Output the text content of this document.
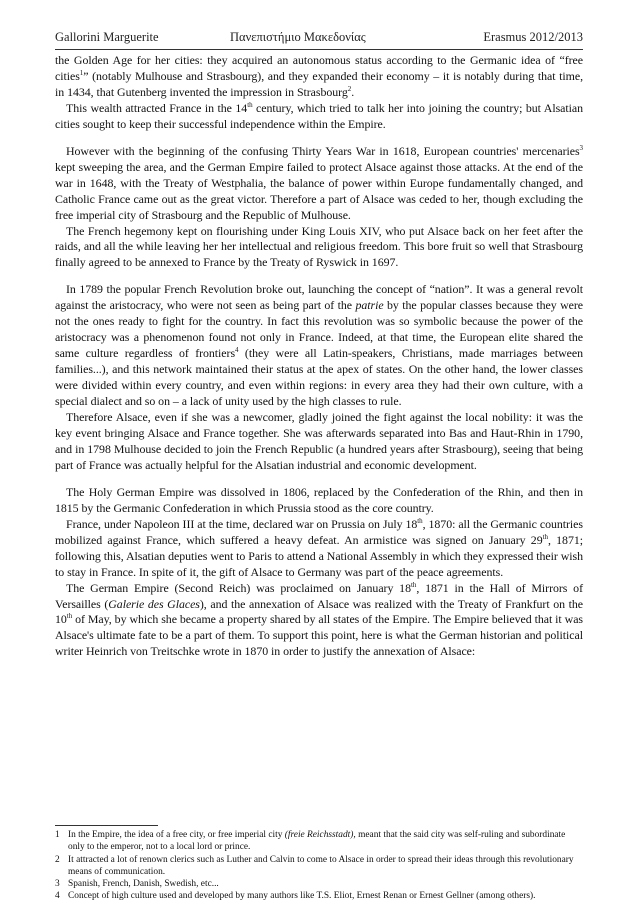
Gallorini Marguerite	Πανεπιστήμιο Μακεδονίας	Erasmus 2012/2013

the Golden Age for her cities: they acquired an autonomous status according to the Germanic idea of “free cities$^1$” (notably Mulhouse and Strasbourg), and they expanded their economy – it is notably during that time, in 1434, that Gutenberg invented the impression in Strasbourg$^2$.

This wealth attracted France in the 14th century, which tried to talk her into joining the country; but Alsatian cities sought to keep their successful independence within the Empire.

However with the beginning of the confusing Thirty Years War in 1618, European countries' mercenaries$^3$ kept sweeping the area, and the German Empire failed to protect Alsace against those attacks. At the end of the war in 1648, with the Treaty of Westphalia, the balance of power within Europe fundamentally changed, and Catholic France came out as the great victor. Therefore a part of Alsace was ceded to her, though excluding the free imperial city of Strasbourg and the Republic of Mulhouse.

The French hegemony kept on flourishing under King Louis XIV, who put Alsace back on her feet after the raids, and all the while leaving her her intellectual and religious freedom. This bore fruit so well that Strasbourg finally agreed to be annexed to France by the Treaty of Ryswick in 1697.

In 1789 the popular French Revolution broke out, launching the concept of “nation”. It was a general revolt against the aristocracy, who were not seen as being part of the patrie by the popular classes because they were not the ones ready to fight for the country. In fact this revolution was so symbolic because the power of the aristocracy was a phenomenon found not only in France. Indeed, at that time, the European elite shared the same culture regardless of frontiers$^4$ (they were all Latin-speakers, Christians, made marriages between families...), and this network maintained their status at the apex of states. On the other hand, the lower classes were divided within every country, and even within regions: in every area they had their own culture, with a special dialect and so on – a lack of unity used by the high classes to rule.

Therefore Alsace, even if she was a newcomer, gladly joined the fight against the local nobility: it was the key event bringing Alsace and France together. She was afterwards separated into Bas and Haut-Rhin in 1790, and in 1798 Mulhouse decided to join the French Republic (a hundred years after Strasbourg), seeing that being part of France was actually helpful for the Alsatian industrial and economic development.

The Holy German Empire was dissolved in 1806, replaced by the Confederation of the Rhin, and then in 1815 by the Germanic Confederation in which Prussia stood as the core country.

France, under Napoleon III at the time, declared war on Prussia on July 18th, 1870: all the Germanic countries mobilized against France, which suffered a heavy defeat. An armistice was signed on January 29th, 1871; following this, Alsatian deputies went to Paris to attend a National Assembly in which they expressed their wish to stay in France. In spite of it, the gift of Alsace to Germany was part of the peace agreements.

The German Empire (Second Reich) was proclaimed on January 18th, 1871 in the Hall of Mirrors of Versailles (Galerie des Glaces), and the annexation of Alsace was realized with the Treaty of Frankfurt on the 10th of May, by which she became a property shared by all states of the Empire. The Empire believed that it was Alsace's ultimate fate to be a part of them. To support this point, here is what the German historian and political writer Heinrich von Treitschke wrote in 1870 in order to justify the annexation of Alsace:

1 In the Empire, the idea of a free city, or free imperial city (freie Reichsstadt), meant that the said city was self-ruling and subordinate only to the emperor, not to a local lord or prince.
2 It attracted a lot of renown clerics such as Luther and Calvin to come to Alsace in order to spread their ideas through this revolutionary means of communication.
3 Spanish, French, Danish, Swedish, etc...
4 Concept of high culture used and developed by many authors like T.S. Eliot, Ernest Renan or Ernest Gellner (among others).
